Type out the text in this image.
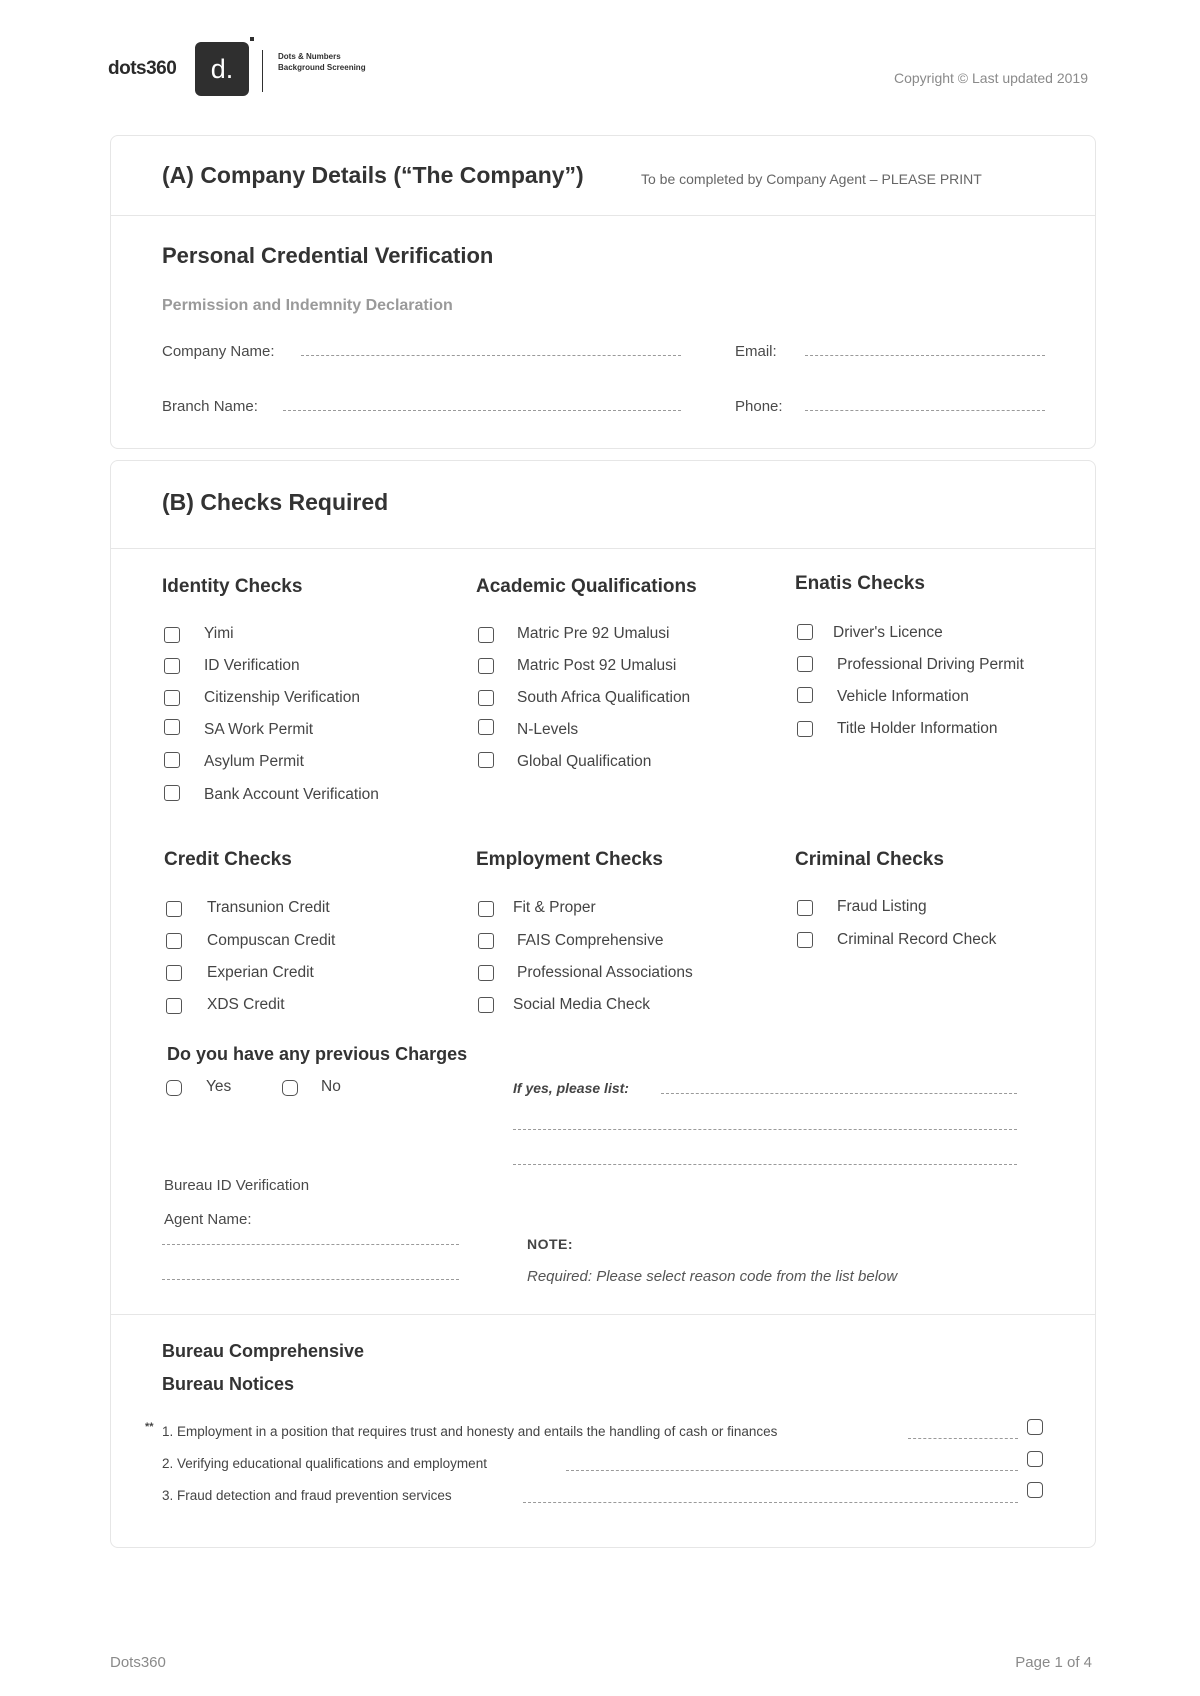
dots360	d.	Dots & Numbers Background Screening
Copyright © Last updated 2019
(A) Company Details (“The Company”)	To be completed by Company Agent – PLEASE PRINT
Personal Credential Verification
Permission and Indemnity Declaration
Company Name:	Email:
Branch Name:	Phone:
(B) Checks Required
Identity Checks
Yimi
ID Verification
Citizenship Verification
SA Work Permit
Asylum Permit
Bank Account Verification
Academic Qualifications
Matric Pre 92 Umalusi
Matric Post 92 Umalusi
South Africa Qualification
N-Levels
Global Qualification
Enatis Checks
Driver's Licence
Professional Driving Permit
Vehicle Information
Title Holder Information
Credit Checks
Transunion Credit
Compuscan Credit
Experian Credit
XDS Credit
Employment Checks
Fit & Proper
FAIS Comprehensive
Professional Associations
Social Media Check
Criminal Checks
Fraud Listing
Criminal Record Check
Do you have any previous Charges
Yes	No	If yes, please list:
Bureau ID Verification
Agent Name:
NOTE:
Required: Please select reason code from the list below
Bureau Comprehensive
Bureau Notices
** 1. Employment in a position that requires trust and honesty and entails the handling of cash or finances
2. Verifying educational qualifications and employment
3. Fraud detection and fraud prevention services
Dots360	Page 1 of 4
